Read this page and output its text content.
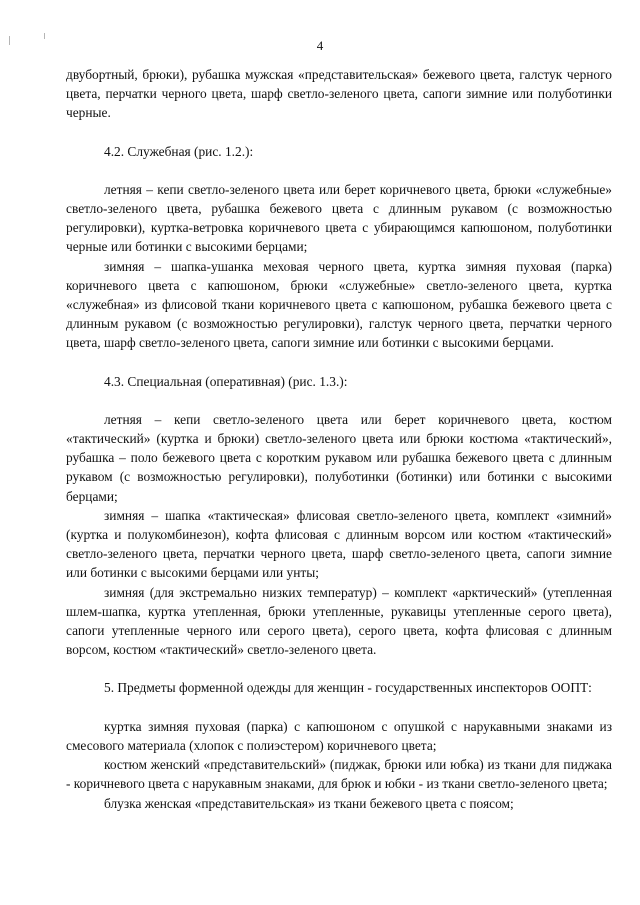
4

двубортный, брюки), рубашка мужская «представительская» бежевого цвета, галстук черного цвета, перчатки черного цвета, шарф светло-зеленого цвета, сапоги зимние или полуботинки черные.

4.2. Служебная (рис. 1.2.):

летняя – кепи светло-зеленого цвета или берет коричневого цвета, брюки «служебные» светло-зеленого цвета, рубашка бежевого цвета с длинным рукавом (с возможностью регулировки), куртка-ветровка коричневого цвета с убирающимся капюшоном, полуботинки черные или ботинки с высокими берцами;

зимняя – шапка-ушанка меховая черного цвета, куртка зимняя пуховая (парка) коричневого цвета с капюшоном, брюки «служебные» светло-зеленого цвета, куртка «служебная» из флисовой ткани коричневого цвета с капюшоном, рубашка бежевого цвета с длинным рукавом (с возможностью регулировки), галстук черного цвета, перчатки черного цвета, шарф светло-зеленого цвета, сапоги зимние или ботинки с высокими берцами.

4.3. Специальная (оперативная) (рис. 1.3.):

летняя – кепи светло-зеленого цвета или берет коричневого цвета, костюм «тактический» (куртка и брюки) светло-зеленого цвета или брюки костюма «тактический», рубашка – поло бежевого цвета с коротким рукавом или рубашка бежевого цвета с длинным рукавом (с возможностью регулировки), полуботинки (ботинки) или ботинки с высокими берцами;

зимняя – шапка «тактическая» флисовая светло-зеленого цвета, комплект «зимний» (куртка и полукомбинезон), кофта флисовая с длинным ворсом или костюм «тактический» светло-зеленого цвета, перчатки черного цвета, шарф светло-зеленого цвета, сапоги зимние или ботинки с высокими берцами или унты;

зимняя (для экстремально низких температур) – комплект «арктический» (утепленная шлем-шапка, куртка утепленная, брюки утепленные, рукавицы утепленные серого цвета), сапоги утепленные черного или серого цвета), серого цвета, кофта флисовая с длинным ворсом, костюм «тактический» светло-зеленого цвета.

5. Предметы форменной одежды для женщин - государственных инспекторов ООПТ:

куртка зимняя пуховая (парка) с капюшоном с опушкой с нарукавными знаками из смесового материала (хлопок с полиэстером) коричневого цвета;

костюм женский «представительский» (пиджак, брюки или юбка) из ткани для пиджака - коричневого цвета с нарукавным знаками, для брюк и юбки - из ткани светло-зеленого цвета;

блузка женская «представительская» из ткани бежевого цвета с поясом;
